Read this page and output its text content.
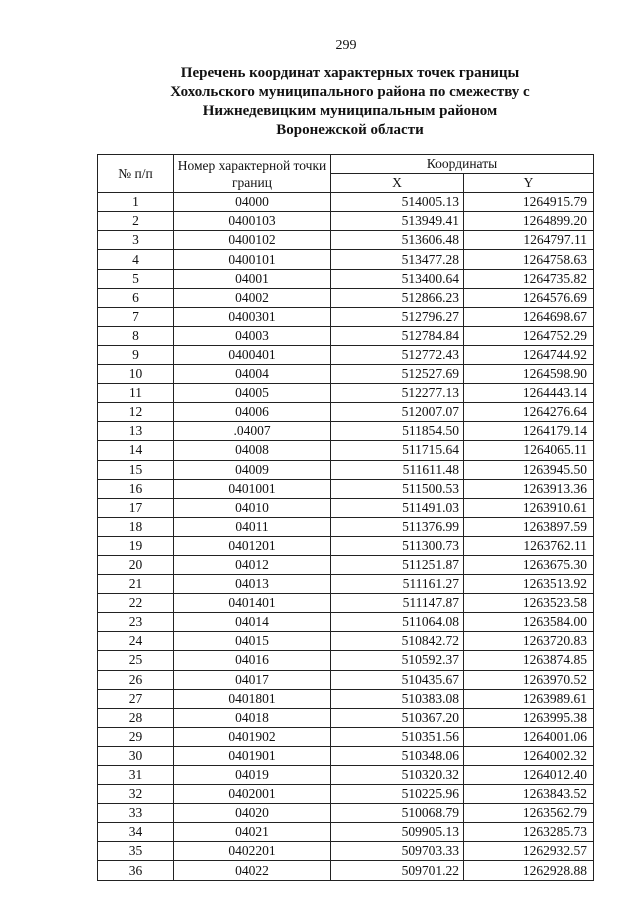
299
Перечень координат характерных точек границы
Хохольского муниципального района по смежеству с
Нижнедевицким муниципальным районом
Воронежской области
№ п/п	Номер характерной точки границ	Координаты	
		X	Y
1	04000	514005.13	1264915.79
2	0400103	513949.41	1264899.20
3	0400102	513606.48	1264797.11
4	0400101	513477.28	1264758.63
5	04001	513400.64	1264735.82
6	04002	512866.23	1264576.69
7	0400301	512796.27	1264698.67
8	04003	512784.84	1264752.29
9	0400401	512772.43	1264744.92
10	04004	512527.69	1264598.90
11	04005	512277.13	1264443.14
12	04006	512007.07	1264276.64
13	.04007	511854.50	1264179.14
14	04008	511715.64	1264065.11
15	04009	511611.48	1263945.50
16	0401001	511500.53	1263913.36
17	04010	511491.03	1263910.61
18	04011	511376.99	1263897.59
19	0401201	511300.73	1263762.11
20	04012	511251.87	1263675.30
21	04013	511161.27	1263513.92
22	0401401	511147.87	1263523.58
23	04014	511064.08	1263584.00
24	04015	510842.72	1263720.83
25	04016	510592.37	1263874.85
26	04017	510435.67	1263970.52
27	0401801	510383.08	1263989.61
28	04018	510367.20	1263995.38
29	0401902	510351.56	1264001.06
30	0401901	510348.06	1264002.32
31	04019	510320.32	1264012.40
32	0402001	510225.96	1263843.52
33	04020	510068.79	1263562.79
34	04021	509905.13	1263285.73
35	0402201	509703.33	1262932.57
36	04022	509701.22	1262928.88
